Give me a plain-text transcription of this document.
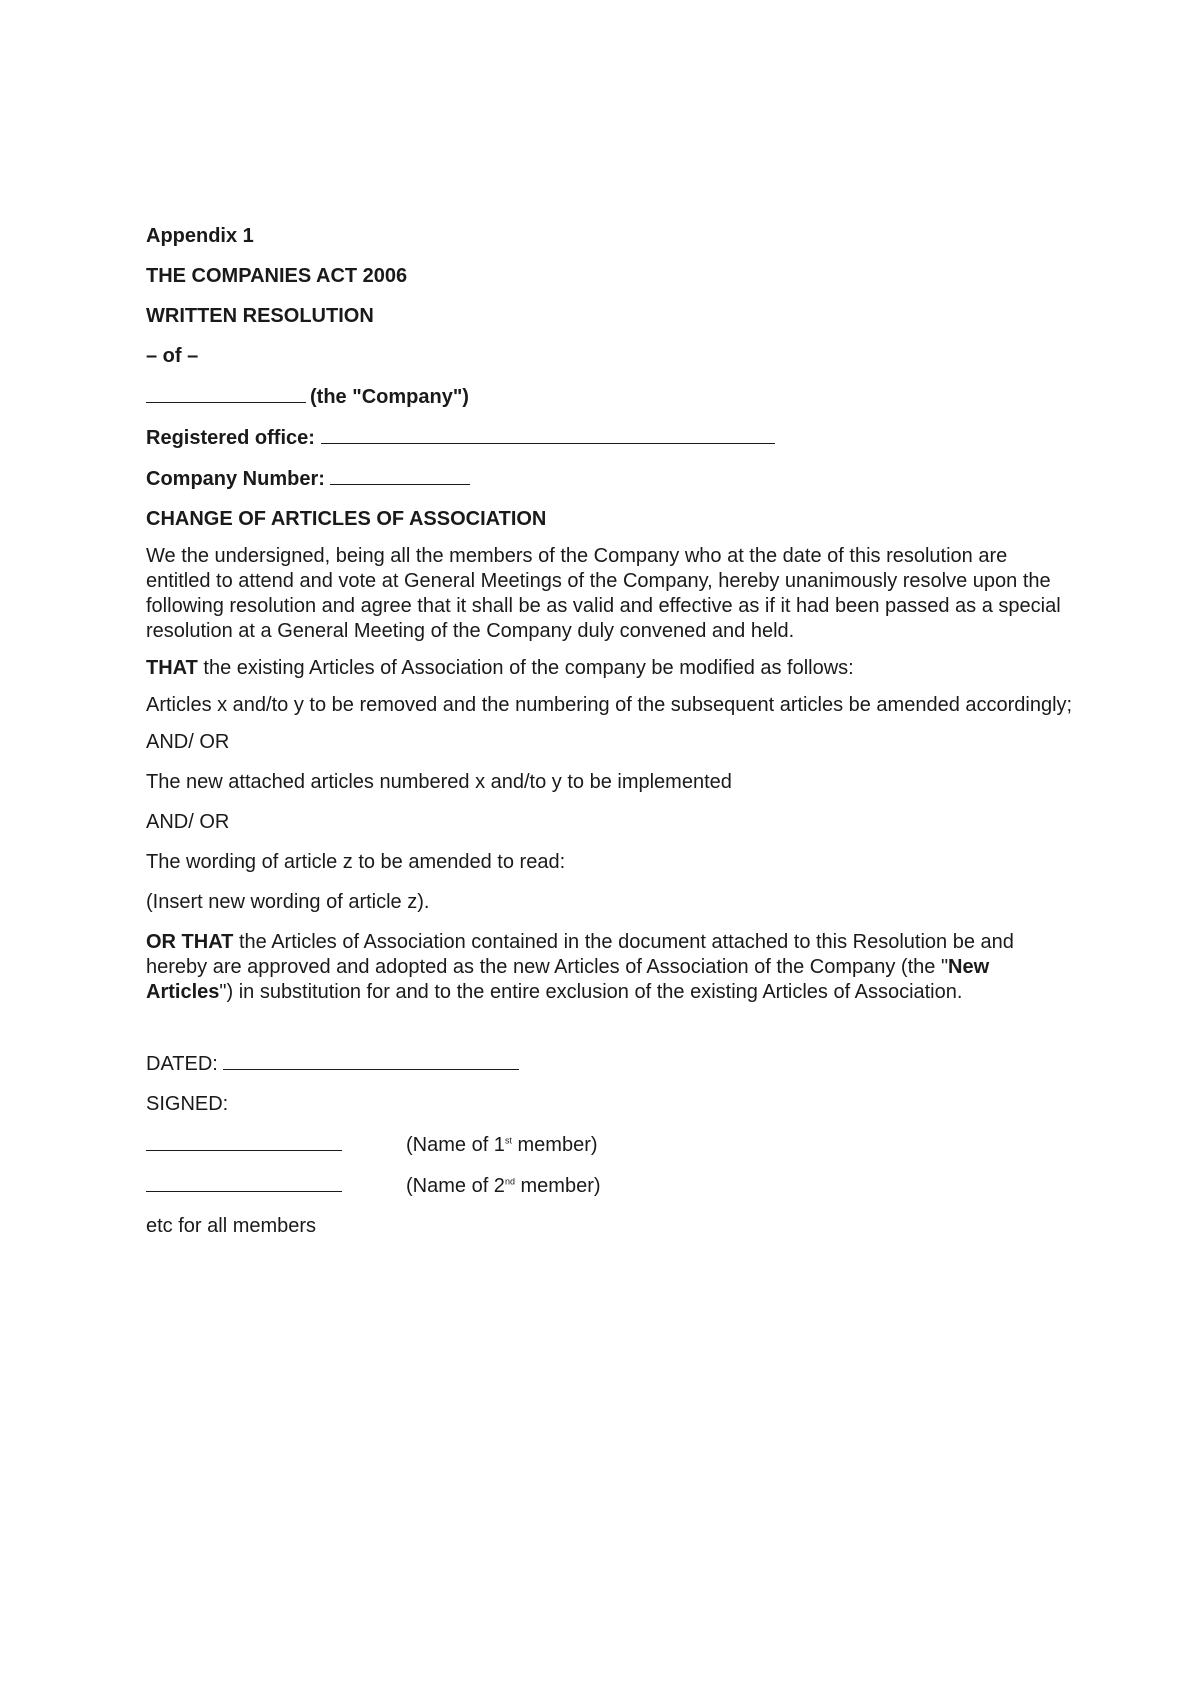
Appendix 1

THE COMPANIES ACT 2006

WRITTEN RESOLUTION

– of –

(the "Company")

Registered office:

Company Number:

CHANGE OF ARTICLES OF ASSOCIATION

We the undersigned, being all the members of the Company who at the date of this resolution are entitled to attend and vote at General Meetings of the Company, hereby unanimously resolve upon the following resolution and agree that it shall be as valid and effective as if it had been passed as a special resolution at a General Meeting of the Company duly convened and held.

THAT the existing Articles of Association of the company be modified as follows:

Articles x and/to y to be removed and the numbering of the subsequent articles be amended accordingly;

AND/ OR

The new attached articles numbered x and/to y to be implemented

AND/ OR

The wording of article z to be amended to read:

(Insert new wording of article z).

OR THAT the Articles of Association contained in the document attached to this Resolution be and hereby are approved and adopted as the new Articles of Association of the Company (the "New Articles") in substitution for and to the entire exclusion of the existing Articles of Association.

DATED:

SIGNED:

(Name of 1st member)
(Name of 2nd member)

etc for all members
